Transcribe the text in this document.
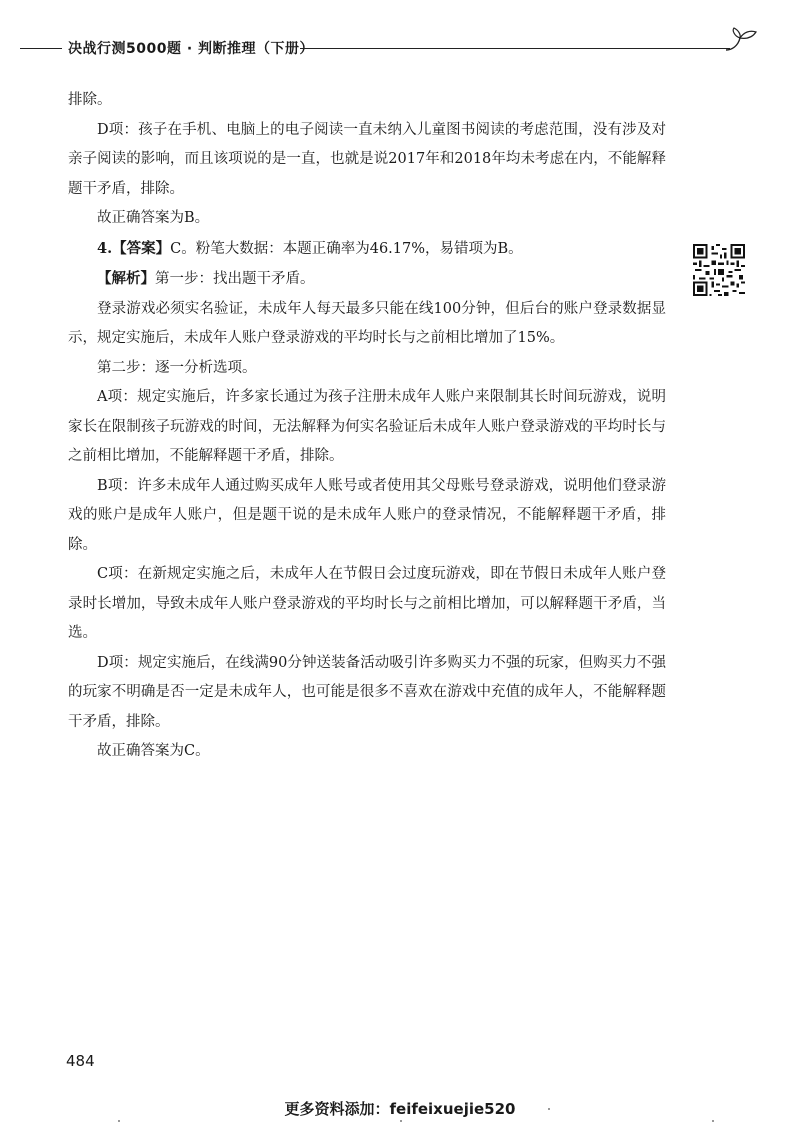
决战行测5000题 · 判断推理（下册）

排除。

D项：孩子在手机、电脑上的电子阅读一直未纳入儿童图书阅读的考虑范围，没有涉及对亲子阅读的影响，而且该项说的是一直，也就是说2017年和2018年均未考虑在内，不能解释题干矛盾，排除。

故正确答案为B。

4.【答案】C。粉笔大数据：本题正确率为46.17%，易错项为B。

【解析】第一步：找出题干矛盾。

登录游戏必须实名验证，未成年人每天最多只能在线100分钟，但后台的账户登录数据显示，规定实施后，未成年人账户登录游戏的平均时长与之前相比增加了15%。

第二步：逐一分析选项。

A项：规定实施后，许多家长通过为孩子注册未成年人账户来限制其长时间玩游戏，说明家长在限制孩子玩游戏的时间，无法解释为何实名验证后未成年人账户登录游戏的平均时长与之前相比增加，不能解释题干矛盾，排除。

B项：许多未成年人通过购买成年人账号或者使用其父母账号登录游戏，说明他们登录游戏的账户是成年人账户，但是题干说的是未成年人账户的登录情况，不能解释题干矛盾，排除。

C项：在新规定实施之后，未成年人在节假日会过度玩游戏，即在节假日未成年人账户登录时长增加，导致未成年人账户登录游戏的平均时长与之前相比增加，可以解释题干矛盾，当选。

D项：规定实施后，在线满90分钟送装备活动吸引许多购买力不强的玩家，但购买力不强的玩家不明确是否一定是未成年人，也可能是很多不喜欢在游戏中充值的成年人，不能解释题干矛盾，排除。

故正确答案为C。

484
更多资料添加：feifeixuejie520
